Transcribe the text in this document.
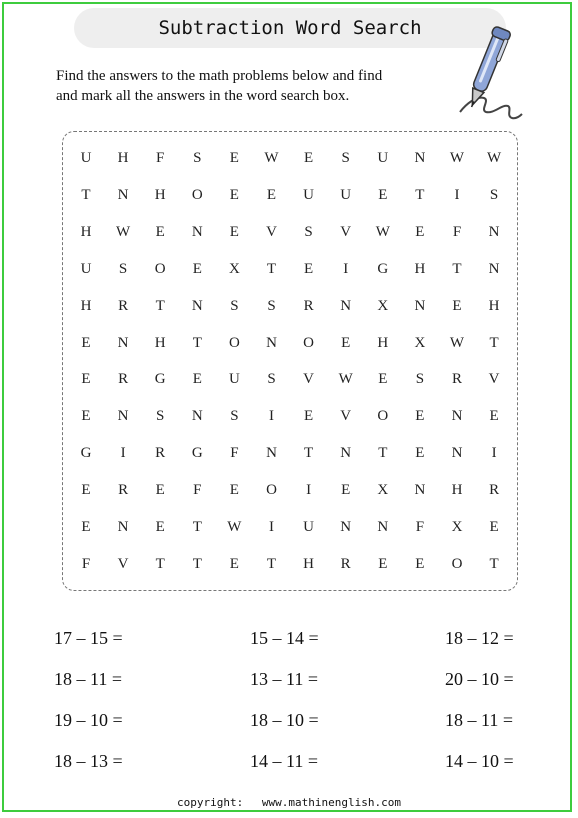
Subtraction Word Search
Find the answers to the math problems below and find
and mark all the answers in the word search box.
U	H	F	S	E	W	E	S	U	N	W	W
T	N	H	O	E	E	U	U	E	T	I	S
H	W	E	N	E	V	S	V	W	E	F	N
U	S	O	E	X	T	E	I	G	H	T	N
H	R	T	N	S	S	R	N	X	N	E	H
E	N	H	T	O	N	O	E	H	X	W	T
E	R	G	E	U	S	V	W	E	S	R	V
E	N	S	N	S	I	E	V	O	E	N	E
G	I	R	G	F	N	T	N	T	E	N	I
E	R	E	F	E	O	I	E	X	N	H	R
E	N	E	T	W	I	U	N	N	F	X	E
F	V	T	T	E	T	H	R	E	E	O	T
17 – 15 =	15 – 14 =	18 – 12 =
18 – 11 =	13 – 11 =	20 – 10 =
19 – 10 =	18 – 10 =	18 – 11 =
18 – 13 =	14 – 11 =	14 – 10 =
copyright: www.mathinenglish.com
